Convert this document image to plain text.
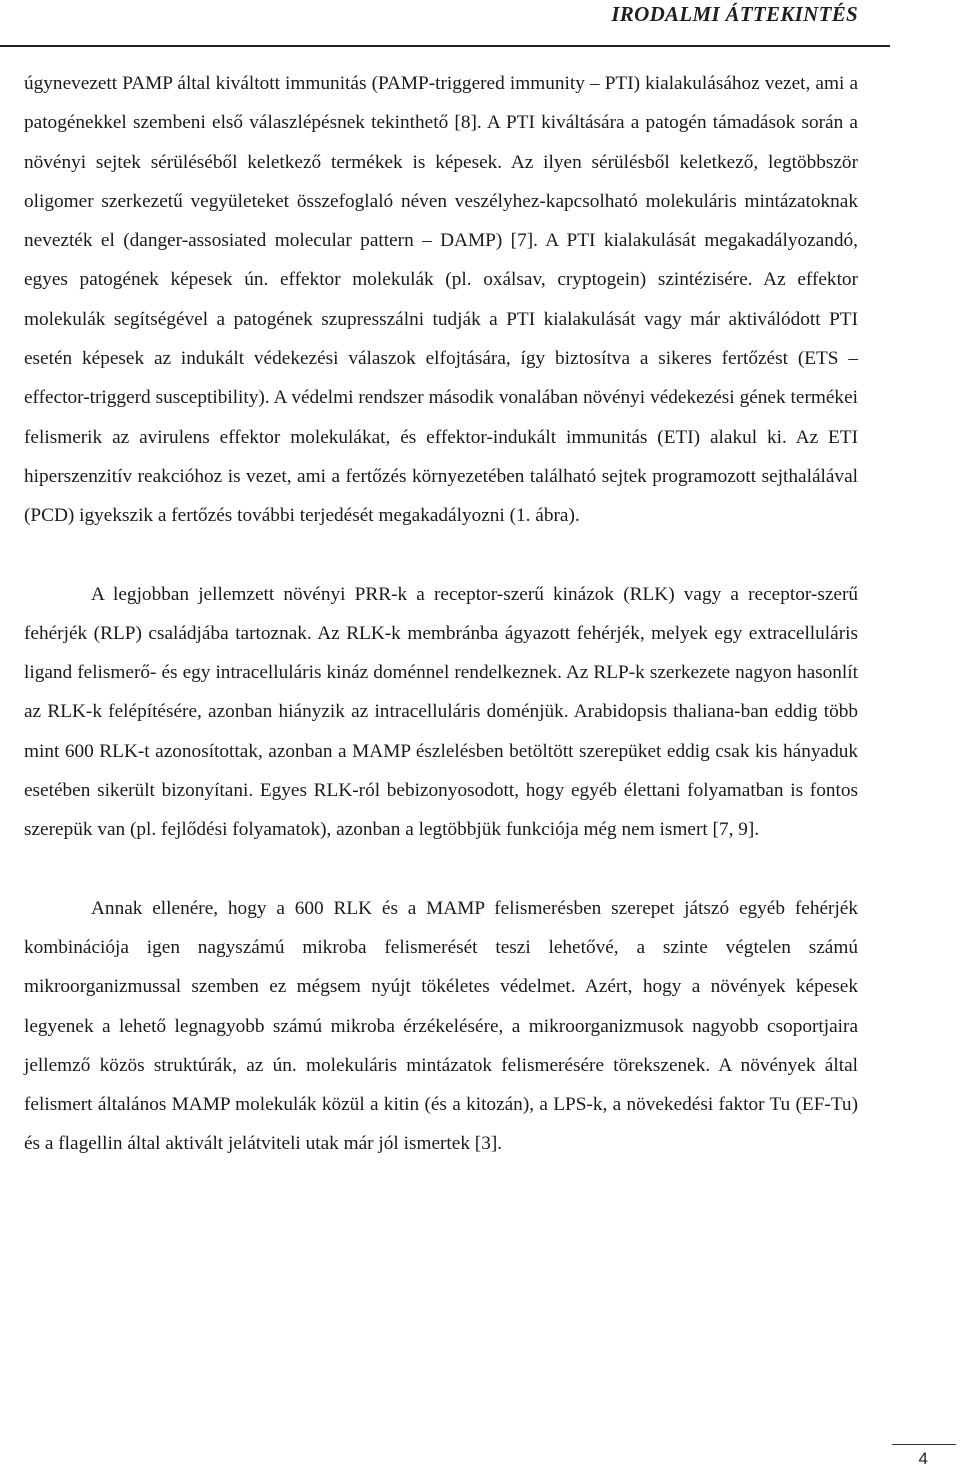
IRODALMI ÁTTEKINTÉS

úgynevezett PAMP által kiváltott immunitás (PAMP-triggered immunity – PTI) kialakulásához vezet, ami a patogénekkel szembeni első válaszlépésnek tekinthető [8]. A PTI kiváltására a patogén támadások során a növényi sejtek sérüléséből keletkező termékek is képesek. Az ilyen sérülésből keletkező, legtöbbször oligomer szerkezetű vegyületeket összefoglaló néven veszélyhez-kapcsolható molekuláris mintázatoknak nevezték el (danger-assosiated molecular pattern – DAMP) [7]. A PTI kialakulását megakadályozandó, egyes patogének képesek ún. effektor molekulák (pl. oxálsav, cryptogein) szintézisére. Az effektor molekulák segítségével a patogének szupresszálni tudják a PTI kialakulását vagy már aktiválódott PTI esetén képesek az indukált védekezési válaszok elfojtására, így biztosítva a sikeres fertőzést (ETS – effector-triggerd susceptibility). A védelmi rendszer második vonalában növényi védekezési gének termékei felismerik az avirulens effektor molekulákat, és effektor-indukált immunitás (ETI) alakul ki. Az ETI hiperszenzitív reakcióhoz is vezet, ami a fertőzés környezetében található sejtek programozott sejthalálával (PCD) igyekszik a fertőzés további terjedését megakadályozni (1. ábra).

A legjobban jellemzett növényi PRR-k a receptor-szerű kinázok (RLK) vagy a receptor-szerű fehérjék (RLP) családjába tartoznak. Az RLK-k membránba ágyazott fehérjék, melyek egy extracelluláris ligand felismerő- és egy intracelluláris kináz doménnel rendelkeznek. Az RLP-k szerkezete nagyon hasonlít az RLK-k felépítésére, azonban hiányzik az intracelluláris doménjük. Arabidopsis thaliana-ban eddig több mint 600 RLK-t azonosítottak, azonban a MAMP észlelésben betöltött szerepüket eddig csak kis hányaduk esetében sikerült bizonyítani. Egyes RLK-ról bebizonyosodott, hogy egyéb élettani folyamatban is fontos szerepük van (pl. fejlődési folyamatok), azonban a legtöbbjük funkciója még nem ismert [7, 9].

Annak ellenére, hogy a 600 RLK és a MAMP felismerésben szerepet játszó egyéb fehérjék kombinációja igen nagyszámú mikroba felismerését teszi lehetővé, a szinte végtelen számú mikroorganizmussal szemben ez mégsem nyújt tökéletes védelmet. Azért, hogy a növények képesek legyenek a lehető legnagyobb számú mikroba érzékelésére, a mikroorganizmusok nagyobb csoportjaira jellemző közös struktúrák, az ún. molekuláris mintázatok felismerésére törekszenek. A növények által felismert általános MAMP molekulák közül a kitin (és a kitozán), a LPS-k, a növekedési faktor Tu (EF-Tu) és a flagellin által aktivált jelátviteli utak már jól ismertek [3].

4
